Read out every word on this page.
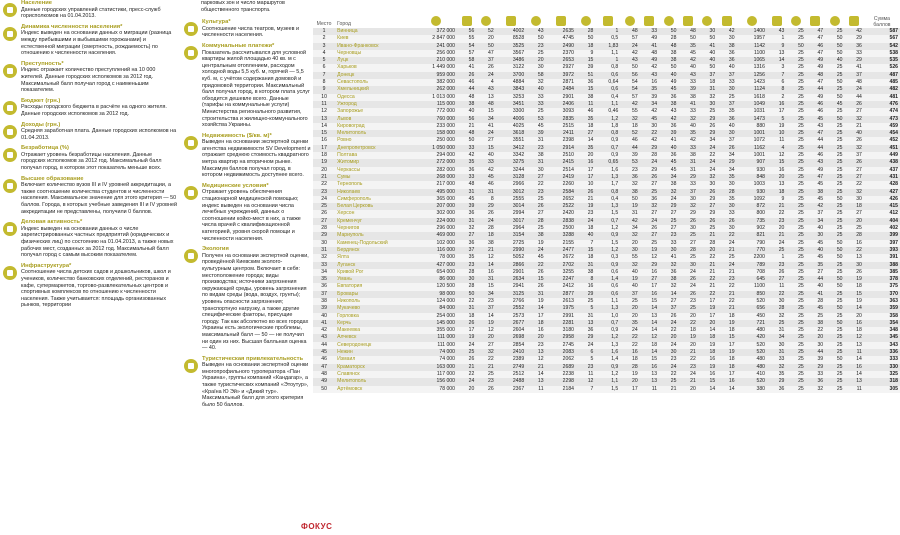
Население
Данные городских управлений статистики, пресс-служб горисполкомов на 01.04.2013.
Динамика численности населения*
Индекс выведен на основании данных о миграции (разница между прибывшими и выбывшими горожанами) и естественной миграции (смертность, рождаемость) по отношению к численности населения.
Преступность*
Индекс отражает количество преступлений на 10 000 жителей. Данные городских исполкомов за 2012 год. Максимальный балл получал город с наименьшим показателем.
Бюджет (грн.)
Расходы городского бюджета в расчёте на одного жителя. Данные городских исполкомов за 2012 год.
Доходы (грн.)
Средняя заработная плата. Данные городских исполкомов на 01.04.2013.
Безработица (%)
Отражает уровень безработицы населения. Данные городских исполкомов за 2012 год. Максимальный балл получал город, в котором этот показатель меньше всех.
Высшее образование
Включает количество вузов III и IV уровней аккредитации, а также соотношение количества студентов и численности населения. Максимальное значение для этого критерия — 50 баллов. Города, в которых учебные заведения III и IV уровней аккредитации не представлены, получили 0 баллов.
Деловая активность*
Индекс выведен на основании данных о числе зарегистрированных частных предприятий (юридических и физических лиц) по состоянию на 01.04.2013, а также новых рабочих мест, созданных за 2012 год. Максимальный балл получал город с самым высоким показателем.
Инфраструктура*
Соотношение числа детских садов и дошкольников, школ и учеников, количество банковских отделений, ресторанов и кафе, супермаркетов, торгово-развлекательных центров и спортивных комплексов по отношению к численности населения. Также учитывается: площадь организованных рынков, территории
парковых зон и число маршрутов общественного транспорта.
Культура*
Соотношение числа театров, музеев и численности населения.
Коммунальные платежи*
Показатель рассчитывался для условной квартиры жилой площадью 40 кв. м с центральным отоплением, расходом холодной воды 5,5 куб. м, горячей — 5,5 куб. м, с учётом содержания домовой и придомовой территории. Максимальный балл получал город, в котором плата услуг обходится дешевле всего. Данные (тарифы на коммунальные услуги) Министерства регионального развития, строительства и жилищно-коммунального хозяйства Украины.
Недвижимость ($/кв. м)*
Выведен на основании экспертной оценки агентства недвижимости SV Development и отражает среднюю стоимость квадратного метра квартир на вторичном рынке. Максимум баллов получал город, в котором недвижимость доступнее всего.
Медицинские условия*
Отражает уровень обеспечения стационарной медицинской помощью; индекс выведен на основании числа лечебных учреждений, данных о соотношении койко-мест в них, а также числа врачей с квалификационной категорией, уровня скорой помощи и численности населения.
Экология
Получен на основании экспертной оценки, проведённой Киевским эколого-культурным центром. Включает в себя: местоположение города; виды производства; источники загрязнения окружающей среды, уровень загрязнения по видам среды (вода, воздух, грунты); уровень опасности загрязнения; транспортную нагрузку, а также другие специфические факторы, присущие городу. Так как абсолютно во всех городах Украины есть экологические проблемы, максимальный балл — 50 — не получил ни один из них. Высшая балльная оценка — 40.
Туристическая привлекательность
Выведен на основании экспертной оценки многопрофильного туроператора «Пан Украина», группы компаний «Кандагар», а также туристических компаний «Этоутур», «Країна Ю Эй» и «Дикий тур». Максимальный балл для этого критерия было 50 баллов.
Место	Город																					Сумма баллов
1	Винница	372 000	56	52	4002	43	2635	28	1	48	33	50	48	30	42	1400	43	25	47	25	42	587
2	Киев	2 847 000	55	20	8528	50	4745	50	0,5	57	49	28	50	50	30	1957	1	25	47	50	29	567
3	Ивано-Франковск	241 000	54	50	3525	23	2490	18	1,83	24	41	48	35	41	38	1142	9	50	46	50	36	542
4	Черновцы	256 000	57	47	3567	25	2370	9	1,1	42	48	38	45	40	36	1100	13	25	47	50	33	538
5	Луцк	210 000	58	37	3486	20	2653	15	1	43	49	38	42	40	36	1065	14	25	49	40	29	535
6	Харьков	1 449 000	41	26	3122	30	2927	39	0,8	50	42	50	40	50	40	1316	3	25	49	25	41	526
7	Донецк	959 000	26	24	3700	58	3972	51	0,6	56	43	40	43	37	37	1256	7	25	48	25	37	487
8	Севастополь	382 000	46	4	4884	32	2871	36	0,64	54	16	49	33	18	33	1423	6	25	47	50	48	485
9	Хмельницкий	262 000	44	43	3843	40	2484	15	0,6	54	35	45	39	31	30	1124	8	25	44	25	24	482
10	Одесса	1 013 000	48	13	3253	33	2901	38	0,4	57	39	36	38	32	25	1618	2	25	49	50	44	481
11	Ужгород	115 000	38	48	3451	33	2406	11	1,1	42	34	38	41	30	37	1049	16	25	46	45	26	476
12	Запорожье	772 000	40	15	3300	25	3093	46	0,46	55	42	43	33	25	35	1031	17	25	46	25	27	474
13	Львов	760 000	56	34	4006	53	2835	35	1,2	32	45	42	32	29	36	1473	5	25	45	50	32	473
14	Кировоград	233 000	21	41	4025	45	2515	18	1,8	18	30	36	40	26	40	880	19	25	43	25	21	459
15	Мелитополь	158 000	48	24	3618	39	2411	27	0,8	52	22	39	35	29	30	1001	10	25	47	25	40	454
16	Ровно	250 000	50	27	3551	31	2398	14	0,9	46	42	41	42	34	37	1072	11	25	44	25	26	452
17	Днепропетровск	1 050 000	33	15	3412	23	2914	35	0,7	44	29	40	33	24	26	1162	4	25	44	25	32	451
18	Полтава	294 000	42	40	3342	38	2510	20	0,9	39	28	36	38	22	34	1001	12	25	46	25	37	449
19	Житомир	272 000	35	33	3275	31	2415	16	0,65	53	24	45	31	24	29	907	15	25	43	25	26	438
20	Черкассы	282 000	36	42	3244	30	2514	17	1,6	23	29	45	31	24	34	930	16	25	49	25	27	437
21	Сумы	268 000	33	45	3128	27	2419	17	1,3	36	26	34	29	32	35	848	20	25	47	25	27	431
22	Тернополь	217 000	48	46	2966	22	2260	10	1,7	32	27	38	33	30	30	1003	13	25	45	25	22	428
23	Николаев	495 000	31	31	3012	23	2584	26	0,8	38	25	32	37	26	28	930	18	25	38	25	32	427
24	Симферополь	365 000	45	8	2555	25	2652	21	0,4	50	36	24	30	29	35	1092	9	25	45	50	30	426
25	Белая Церковь	207 000	39	29	3014	26	2522	19	1,3	19	32	29	32	27	30	872	21	25	42	25	18	415
26	Херсон	302 000	36	26	2994	27	2420	23	1,5	31	27	27	29	29	33	800	22	25	37	25	27	412
27	Кременчуг	224 000	31	24	3017	28	2838	24	0,7	42	24	25	26	26	26	735	23	25	34	25	20	404
28	Чернигов	296 000	32	28	2964	25	2500	18	1,2	34	26	27	30	25	30	902	20	25	40	25	25	402
29	Мариуполь	469 000	27	18	3154	38	3288	40	0,9	32	27	23	25	21	22	821	21	25	30	25	28	399
30	Каменец-Подольский	102 000	36	38	2725	19	2155	7	1,5	20	25	33	27	28	24	790	24	25	45	50	16	397
31	Бердянск	116 000	37	21	2990	24	2477	15	1,2	30	19	30	28	20	21	770	25	25	40	50	22	393
32	Ялта	78 000	35	12	5052	45	2672	18	0,3	55	12	41	25	22	25	2200	1	25	45	50	13	391
33	Луганск	427 000	23	14	2866	22	2702	31	0,9	32	29	32	30	21	24	789	23	25	35	25	30	388
34	Кривой Рог	654 000	28	16	2901	26	3255	38	0,6	40	16	36	24	21	21	708	26	25	27	25	26	385
35	Умань	86 000	30	31	2634	15	2247	8	1,4	19	27	38	26	22	23	645	27	25	44	50	19	378
36	Евпатория	120 500	28	15	2941	26	2412	16	0,6	40	17	32	24	21	22	1100	11	25	40	50	18	375
37	Бровары	98 000	50	34	3125	31	2877	29	0,6	37	16	14	26	22	21	850	22	25	41	25	15	370
38	Никополь	124 000	22	23	2766	19	2613	25	1,1	25	15	27	23	17	22	520	30	25	28	25	19	363
39	Мукачево	84 000	31	37	2552	14	1975	5	1,3	20	14	37	25	19	21	656	28	25	45	50	14	359
40	Горловка	254 000	18	14	2573	17	2991	31	1,0	20	13	26	20	17	18	450	32	25	25	25	20	358
41	Керчь	145 000	26	19	2677	18	2281	13	0,7	35	14	24	22	20	19	721	25	25	38	50	16	354
42	Макеевка	355 000	17	12	2604	16	3180	36	0,9	24	14	22	18	14	18	480	31	25	22	25	18	348
43	Алчевск	111 000	19	20	2698	20	2958	29	1,2	22	12	20	19	18	15	420	34	25	20	25	12	345
44	Северодонецк	111 000	24	27	2854	23	2745	24	1,3	22	18	24	20	19	17	520	30	25	30	25	13	343
45	Нежин	74 000	25	32	2410	13	2083	6	1,6	16	14	30	21	18	19	520	31	25	44	25	11	336
46	Измаил	74 000	26	22	2389	12	2062	5	1,4	18	15	23	22	16	18	480	33	25	39	50	14	333
47	Краматорск	163 000	21	21	2749	21	2689	23	0,9	28	16	24	23	19	18	480	32	25	29	25	16	330
48	Славянск	117 000	22	25	2512	14	2238	11	1,2	19	13	22	24	16	17	410	35	25	33	25	14	325
49	Мелитополь	156 000	24	23	2488	13	2298	12	1,1	20	13	25	21	15	16	520	29	25	36	25	13	318
50	Артёмовск	78 000	20	26	2367	11	2184	7	1,5	17	11	21	20	14	14	380	36	25	32	25	11	305
ФОКУС
